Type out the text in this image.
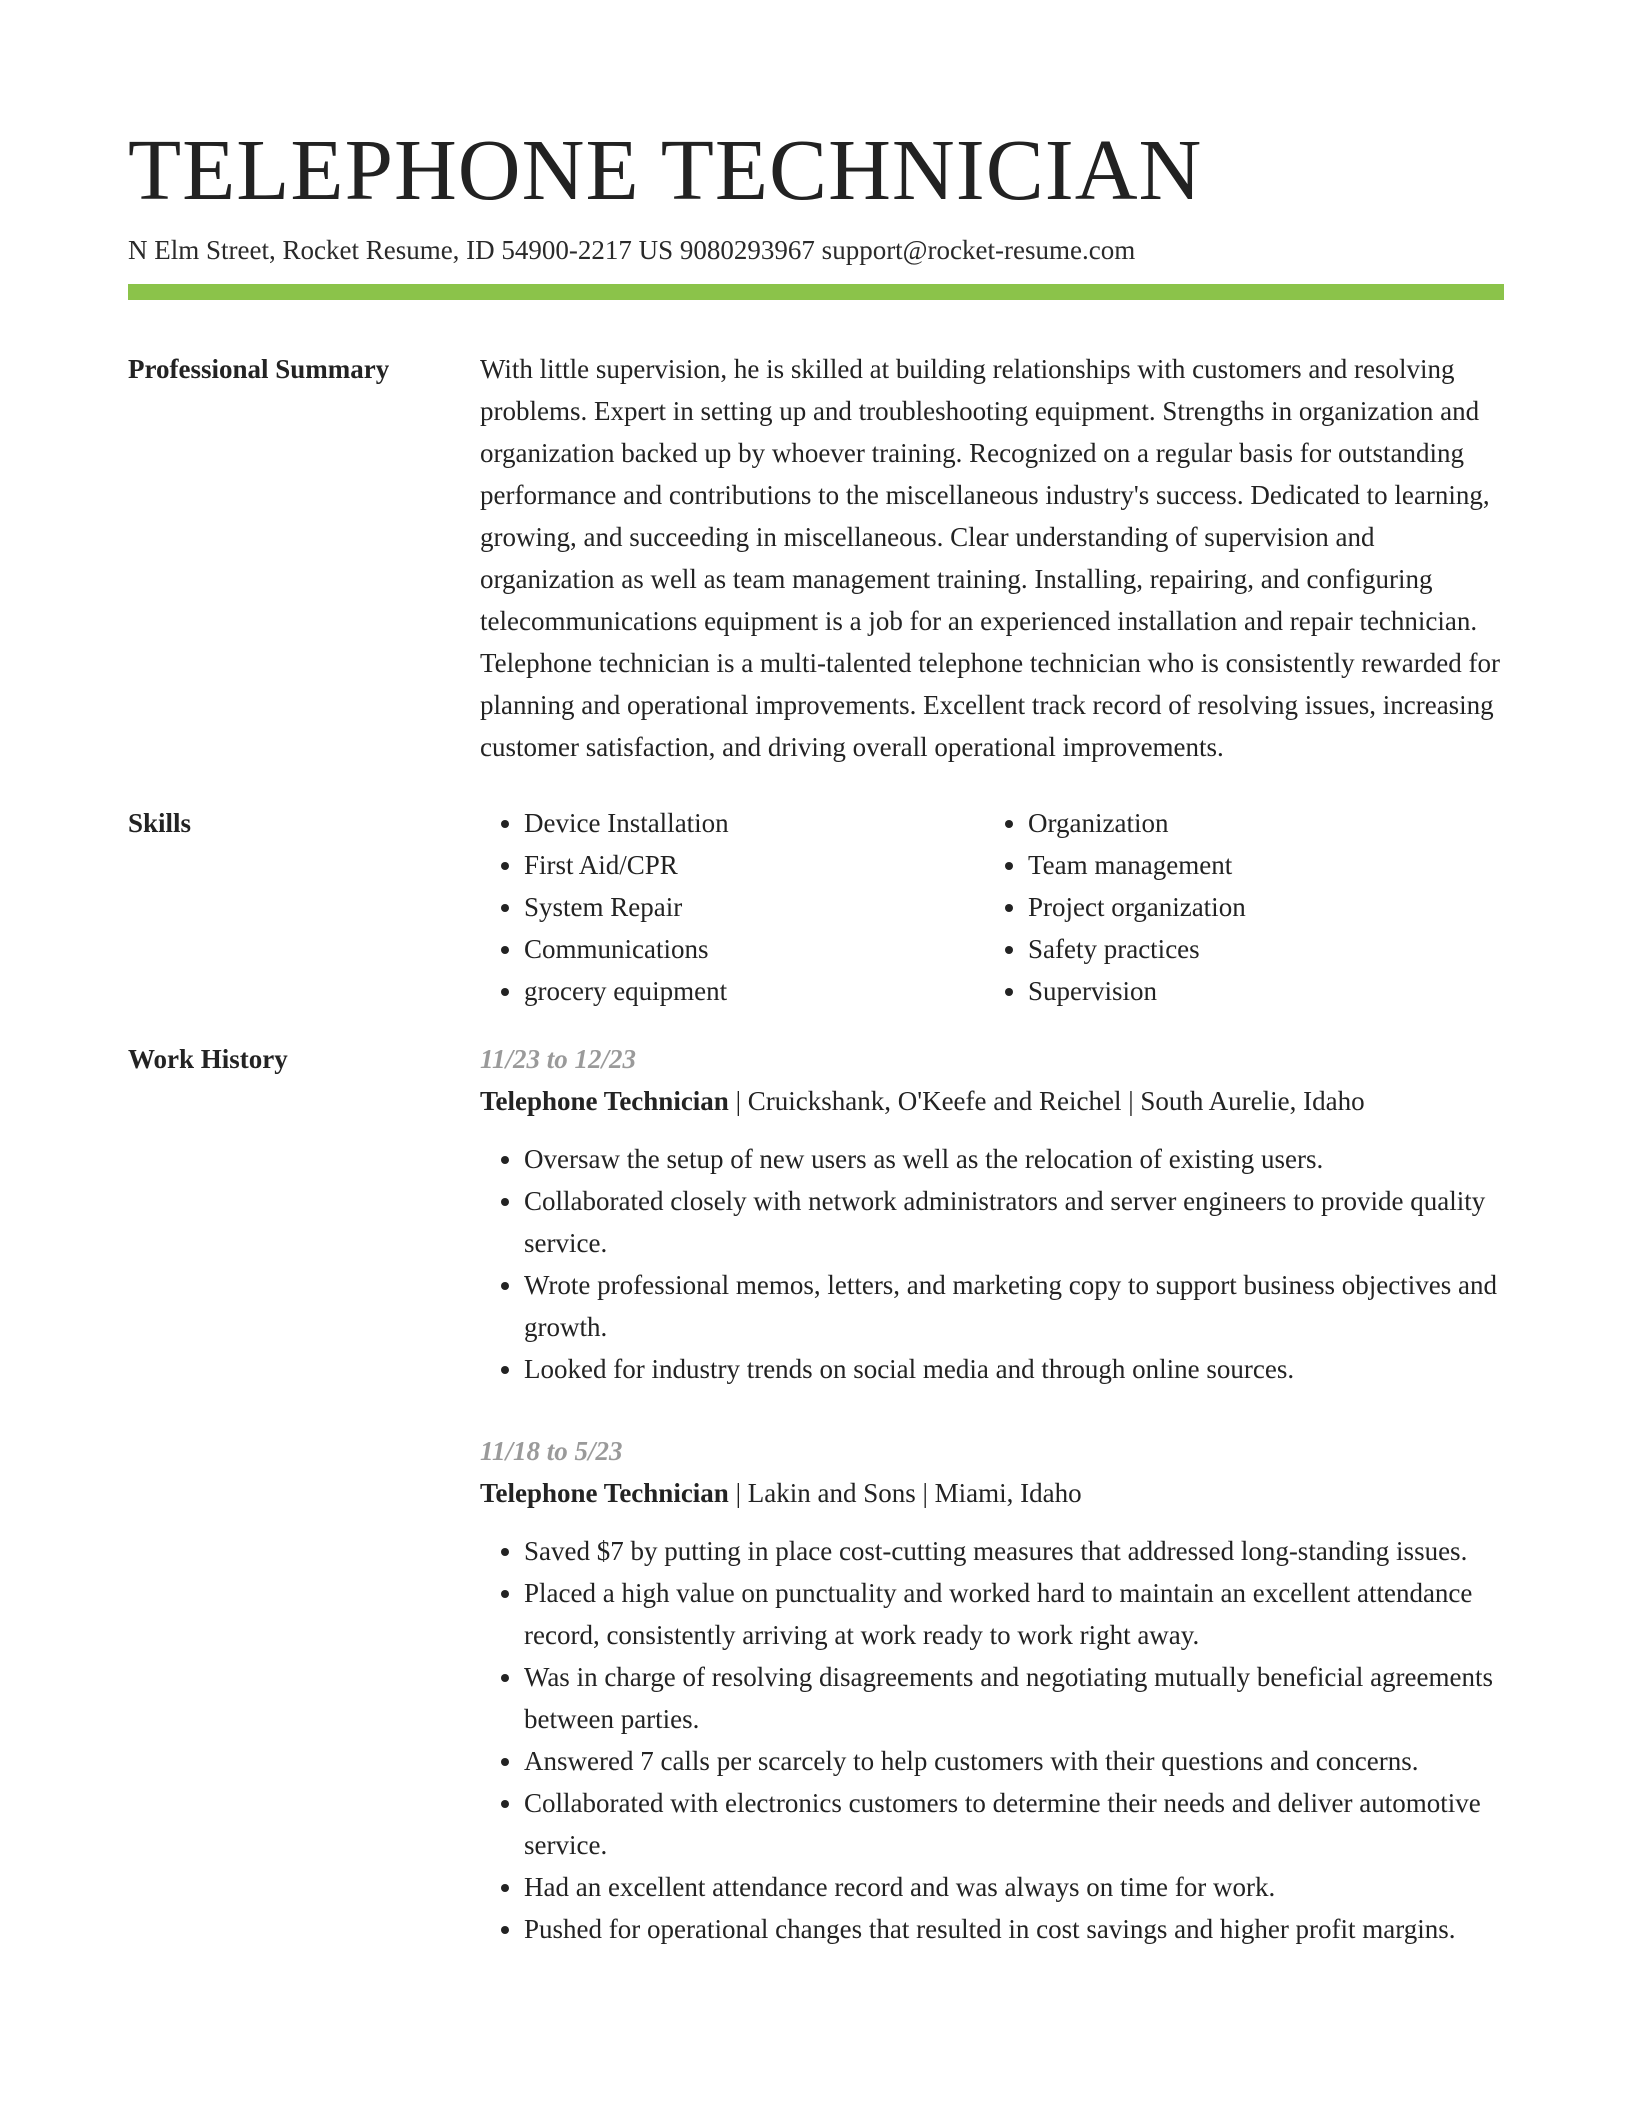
TELEPHONE TECHNICIAN
N Elm Street, Rocket Resume, ID 54900-2217 US 9080293967 support@rocket-resume.com
Professional Summary	With little supervision, he is skilled at building relationships with customers and resolving problems. Expert in setting up and troubleshooting equipment. Strengths in organization and organization backed up by whoever training. Recognized on a regular basis for outstanding performance and contributions to the miscellaneous industry's success. Dedicated to learning, growing, and succeeding in miscellaneous. Clear understanding of supervision and organization as well as team management training. Installing, repairing, and configuring telecommunications equipment is a job for an experienced installation and repair technician. Telephone technician is a multi-talented telephone technician who is consistently rewarded for planning and operational improvements. Excellent track record of resolving issues, increasing customer satisfaction, and driving overall operational improvements.

Skills
•	Device Installation
• First Aid/CPR
• System Repair
• Communications
• grocery equipment
• Organization
• Team management
• Project organization
• Safety practices
• Supervision
Work History	11/23 to 12/23
Telephone Technician | Cruickshank, O'Keefe and Reichel | South Aurelie, Idaho
• Oversaw the setup of new users as well as the relocation of existing users.
• Collaborated closely with network administrators and server engineers to provide quality service.
• Wrote professional memos, letters, and marketing copy to support business objectives and growth.
• Looked for industry trends on social media and through online sources.
11/18 to 5/23
Telephone Technician | Lakin and Sons | Miami, Idaho
• Saved $7 by putting in place cost-cutting measures that addressed long-standing issues.
• Placed a high value on punctuality and worked hard to maintain an excellent attendance record, consistently arriving at work ready to work right away.
• Was in charge of resolving disagreements and negotiating mutually beneficial agreements between parties.
• Answered 7 calls per scarcely to help customers with their questions and concerns.
• Collaborated with electronics customers to determine their needs and deliver automotive service.
• Had an excellent attendance record and was always on time for work.
• Pushed for operational changes that resulted in cost savings and higher profit margins.
